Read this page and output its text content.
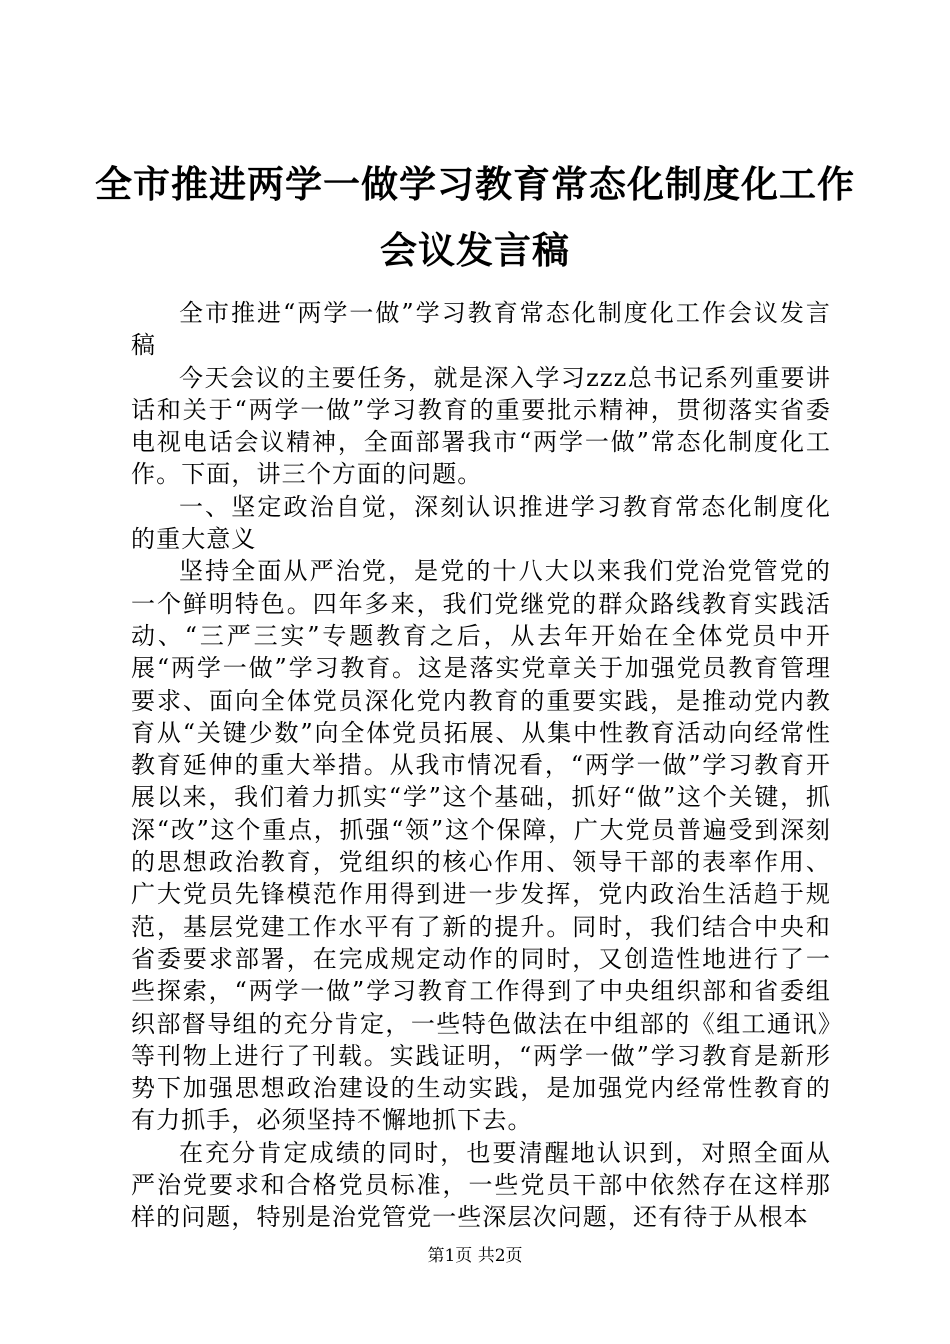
全市推进两学一做学习教育常态化制度化工作
会议发言稿

全市推进“两学一做”学习教育常态化制度化工作会议发言稿

今天会议的主要任务，就是深入学习zzz总书记系列重要讲话和关于“两学一做”学习教育的重要批示精神，贯彻落实省委电视电话会议精神，全面部署我市“两学一做”常态化制度化工作。下面，讲三个方面的问题。

一、坚定政治自觉，深刻认识推进学习教育常态化制度化的重大意义

坚持全面从严治党，是党的十八大以来我们党治党管党的一个鲜明特色。四年多来，我们党继党的群众路线教育实践活动、“三严三实”专题教育之后，从去年开始在全体党员中开展“两学一做”学习教育。这是落实党章关于加强党员教育管理要求、面向全体党员深化党内教育的重要实践，是推动党内教育从“关键少数”向全体党员拓展、从集中性教育活动向经常性教育延伸的重大举措。从我市情况看，“两学一做”学习教育开展以来，我们着力抓实“学”这个基础，抓好“做”这个关键，抓深“改”这个重点，抓强“领”这个保障，广大党员普遍受到深刻的思想政治教育，党组织的核心作用、领导干部的表率作用、广大党员先锋模范作用得到进一步发挥，党内政治生活趋于规范，基层党建工作水平有了新的提升。同时，我们结合中央和省委要求部署，在完成规定动作的同时，又创造性地进行了一些探索，“两学一做”学习教育工作得到了中央组织部和省委组织部督导组的充分肯定，一些特色做法在中组部的《组工通讯》等刊物上进行了刊载。实践证明，“两学一做”学习教育是新形势下加强思想政治建设的生动实践，是加强党内经常性教育的有力抓手，必须坚持不懈地抓下去。

在充分肯定成绩的同时，也要清醒地认识到，对照全面从严治党要求和合格党员标准，一些党员干部中依然存在这样那样的问题，特别是治党管党一些深层次问题，还有待于从根本

第1页 共2页
